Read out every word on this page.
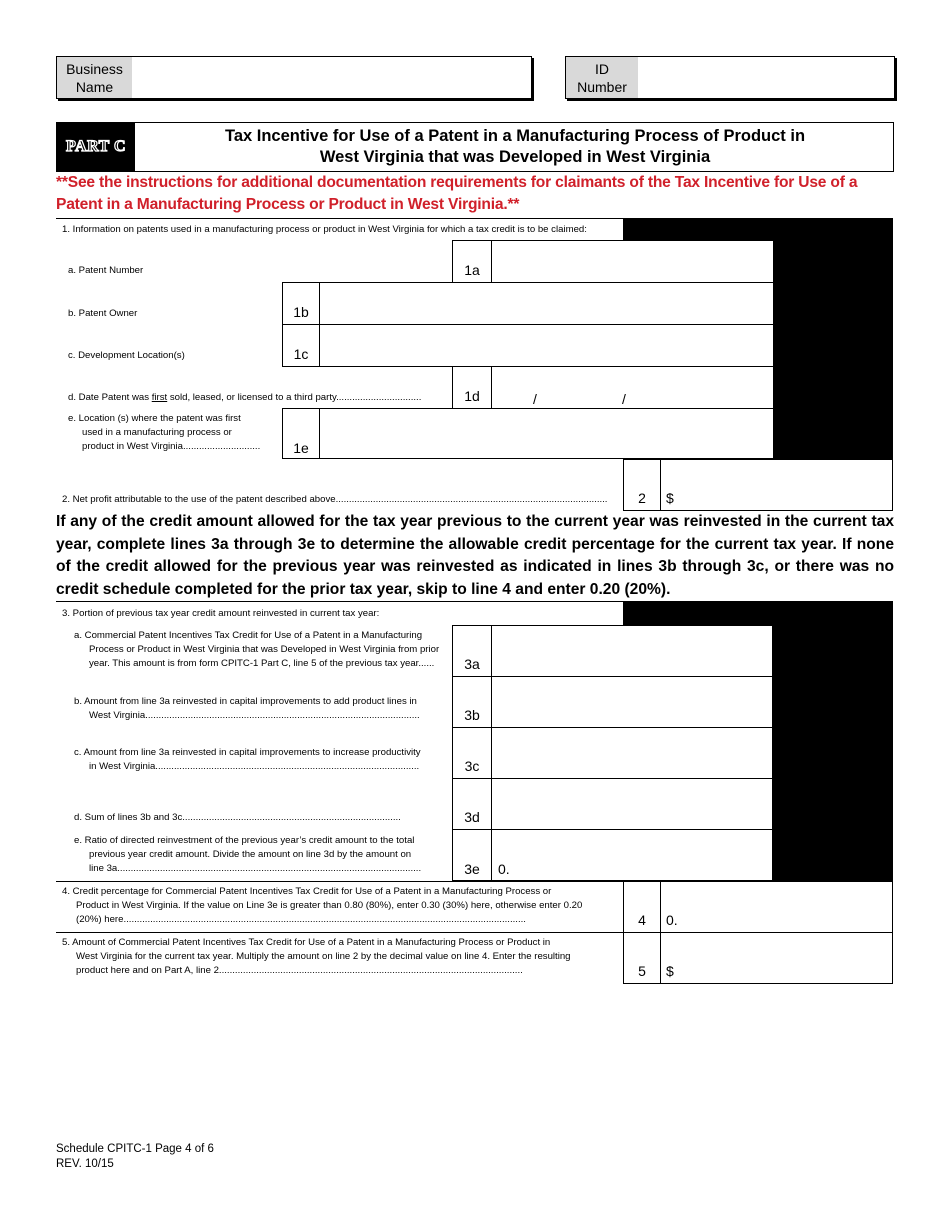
Business Name
ID Number
PART C
Tax Incentive for Use of a Patent in a Manufacturing Process of Product in
West Virginia that was Developed in West Virginia
**See the instructions for additional documentation requirements for claimants of the Tax Incentive for Use of a Patent in a Manufacturing Process or Product in West Virginia.**
1. Information on patents used in a manufacturing process or product in West Virginia for which a tax credit is to be claimed:
a. Patent Number	1a
b. Patent Owner	1b
c. Development Location(s)	1c
d. Date Patent was first sold, leased, or licensed to a third party................................	1d	/	/
e. Location (s) where the patent was first
used in a manufacturing process or
product in West Virginia.............................	1e
2. Net profit attributable to the use of the patent described above......................................................................................................	2	$
If any of the credit amount allowed for the tax year previous to the current year was reinvested in the current tax year, complete lines 3a through 3e to determine the allowable credit percentage for the current tax year. If none of the credit allowed for the previous year was reinvested as indicated in lines 3b through 3c, or there was no credit schedule completed for the prior tax year, skip to line 4 and enter 0.20 (20%).
3. Portion of previous tax year credit amount reinvested in current tax year:
a. Commercial Patent Incentives Tax Credit for Use of a Patent in a Manufacturing
Process or Product in West Virginia that was Developed in West Virginia from prior
year. This amount is from form CPITC-1 Part C, line 5 of the previous tax year......	3a
b. Amount from line 3a reinvested in capital improvements to add product lines in
West Virginia.......................................................................................................	3b
c. Amount from line 3a reinvested in capital improvements to increase productivity
in West Virginia...................................................................................................	3c
d. Sum of lines 3b and 3c..................................................................................	3d
e. Ratio of directed reinvestment of the previous year’s credit amount to the total
previous year credit amount. Divide the amount on line 3d by the amount on
line 3a..................................................................................................................	3e	0.
4. Credit percentage for Commercial Patent Incentives Tax Credit for Use of a Patent in a Manufacturing Process or
Product in West Virginia. If the value on Line 3e is greater than 0.80 (80%), enter 0.30 (30%) here, otherwise enter 0.20
(20%) here.......................................................................................................................................................	4	0.
5. Amount of Commercial Patent Incentives Tax Credit for Use of a Patent in a Manufacturing Process or Product in
West Virginia for the current tax year. Multiply the amount on line 2 by the decimal value on line 4. Enter the resulting
product here and on Part A, line 2..................................................................................................................	5	$
Schedule CPITC-1 Page 4 of 6
REV. 10/15
